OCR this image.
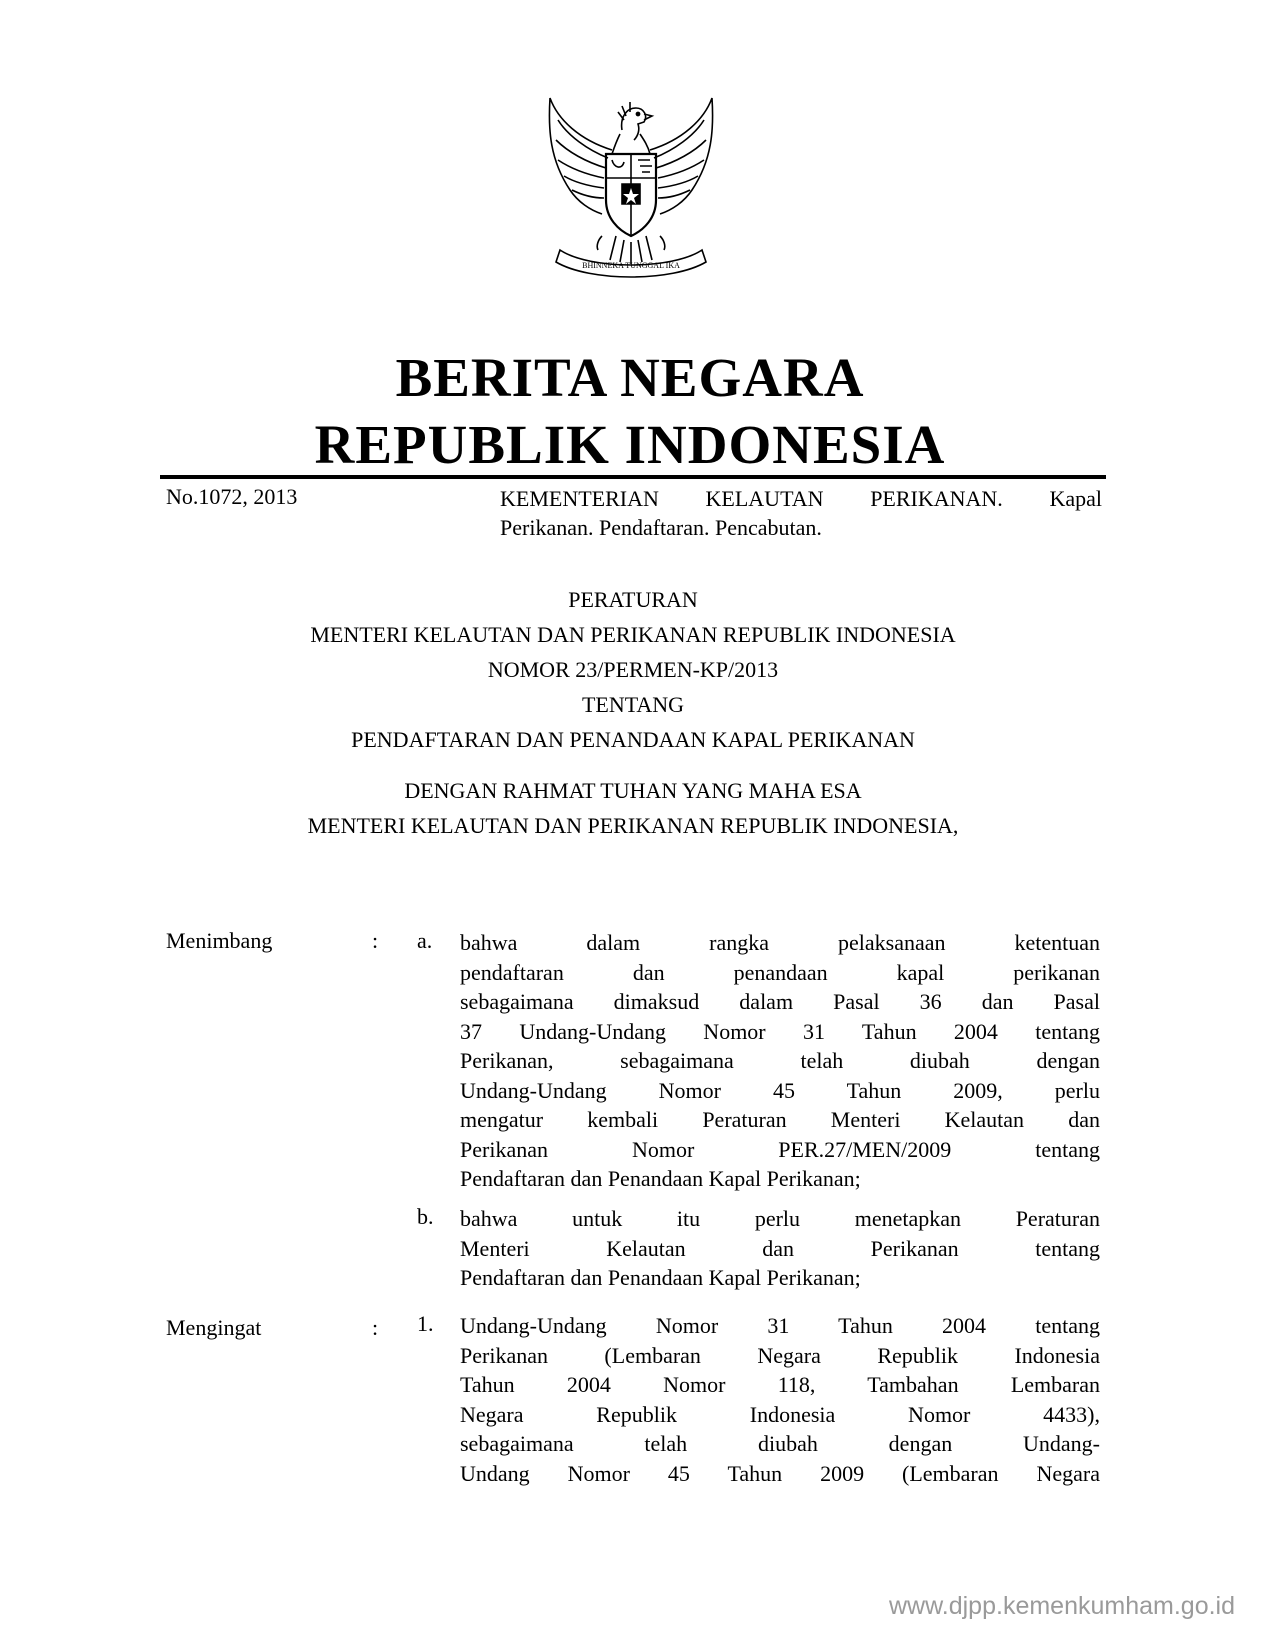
BHINNEKA TUNGGAL IKA
BERITA NEGARA
REPUBLIK INDONESIA
No.1072, 2013	KEMENTERIAN KELAUTAN PERIKANAN. Kapal
Perikanan. Pendaftaran. Pencabutan.
PERATURAN
MENTERI KELAUTAN DAN PERIKANAN REPUBLIK INDONESIA
NOMOR 23/PERMEN-KP/2013
TENTANG
PENDAFTARAN DAN PENANDAAN KAPAL PERIKANAN
DENGAN RAHMAT TUHAN YANG MAHA ESA
MENTERI KELAUTAN DAN PERIKANAN REPUBLIK INDONESIA,
Menimbang	: a. bahwa dalam rangka pelaksanaan ketentuan
pendaftaran dan penandaan kapal perikanan
sebagaimana dimaksud dalam Pasal 36 dan Pasal
37 Undang-Undang Nomor 31 Tahun 2004 tentang
Perikanan, sebagaimana telah diubah dengan
Undang-Undang Nomor 45 Tahun 2009, perlu
mengatur kembali Peraturan Menteri Kelautan dan
Perikanan Nomor PER.27/MEN/2009 tentang
Pendaftaran dan Penandaan Kapal Perikanan;
b. bahwa untuk itu perlu menetapkan Peraturan
Menteri Kelautan dan Perikanan tentang
Pendaftaran dan Penandaan Kapal Perikanan;
Mengingat	: 1. Undang-Undang Nomor 31 Tahun 2004 tentang
Perikanan (Lembaran Negara Republik Indonesia
Tahun 2004 Nomor 118, Tambahan Lembaran
Negara Republik Indonesia Nomor 4433),
sebagaimana telah diubah dengan Undang-
Undang Nomor 45 Tahun 2009 (Lembaran Negara
www.djpp.kemenkumham.go.id
